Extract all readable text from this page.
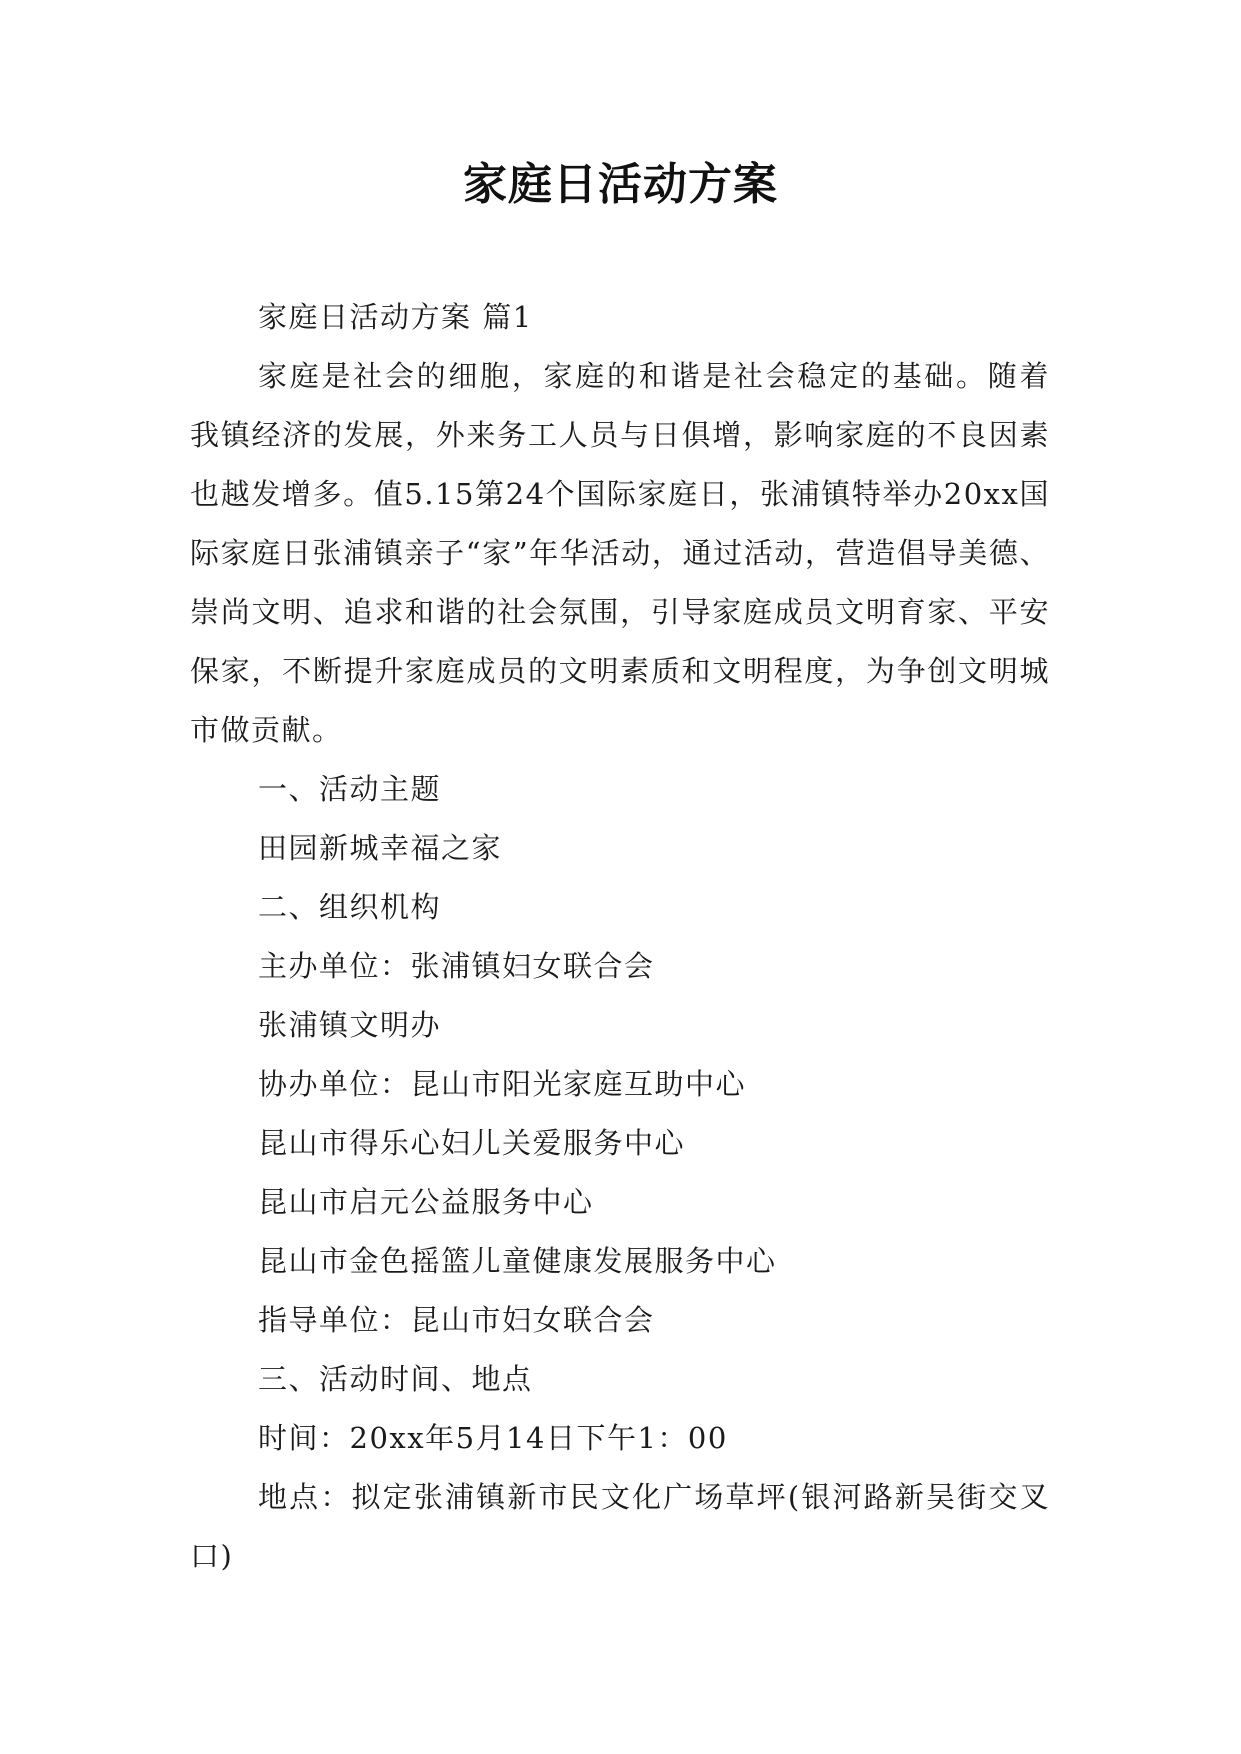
家庭日活动方案

家庭日活动方案 篇1

家庭是社会的细胞，家庭的和谐是社会稳定的基础。随着我镇经济的发展，外来务工人员与日俱增，影响家庭的不良因素也越发增多。值5.15第24个国际家庭日，张浦镇特举办20xx国际家庭日张浦镇亲子“家”年华活动，通过活动，营造倡导美德、崇尚文明、追求和谐的社会氛围，引导家庭成员文明育家、平安保家，不断提升家庭成员的文明素质和文明程度，为争创文明城市做贡献。

一、活动主题

田园新城幸福之家

二、组织机构

主办单位：张浦镇妇女联合会

张浦镇文明办

协办单位：昆山市阳光家庭互助中心

昆山市得乐心妇儿关爱服务中心

昆山市启元公益服务中心

昆山市金色摇篮儿童健康发展服务中心

指导单位：昆山市妇女联合会

三、活动时间、地点

时间：20xx年5月14日下午1：00

地点：拟定张浦镇新市民文化广场草坪(银河路新吴街交叉口)
